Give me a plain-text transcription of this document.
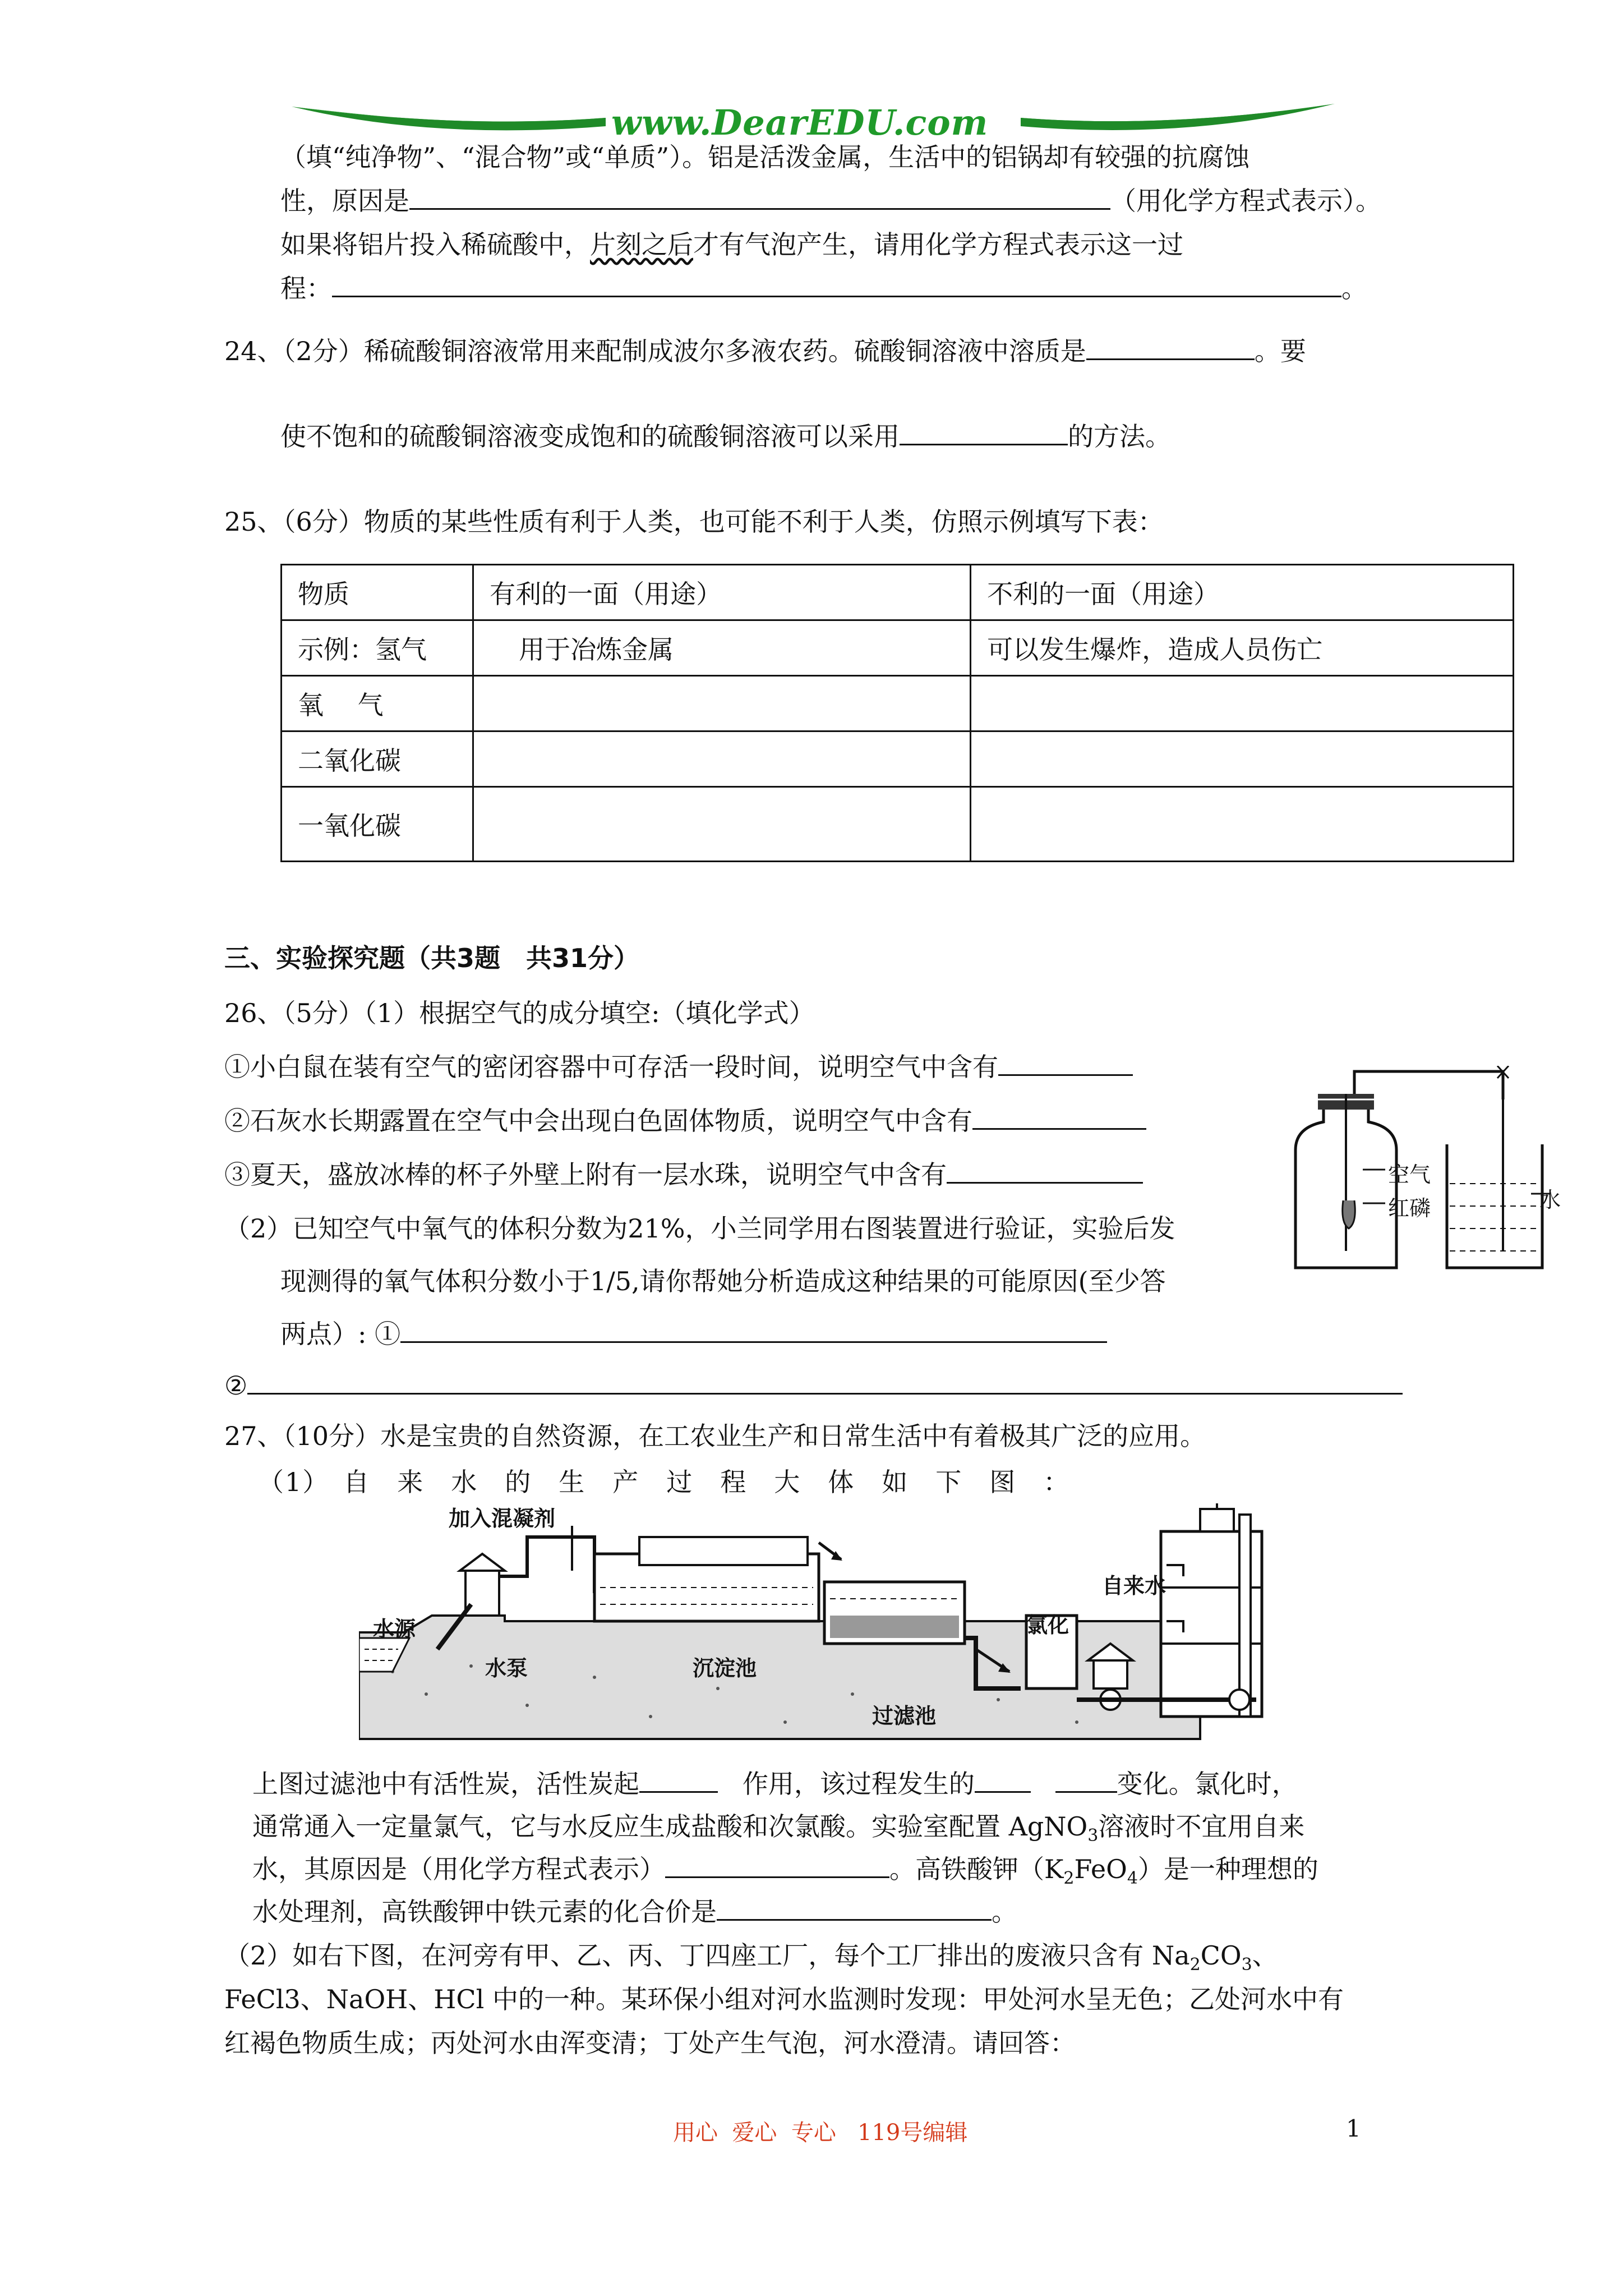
www.DearEDU.com
（填“纯净物”、“混合物”或“单质”）。铝是活泼金属，生活中的铝锅却有较强的抗腐蚀
性，原因是	（用化学方程式表示）。
如果将铝片投入稀硫酸中，片刻之后才有气泡产生，请用化学方程式表示这一过
程：	。
24、（2分）稀硫酸铜溶液常用来配制成波尔多液农药。硫酸铜溶液中溶质是	。要
使不饱和的硫酸铜溶液变成饱和的硫酸铜溶液可以采用	的方法。
25、（6分）物质的某些性质有利于人类，也可能不利于人类，仿照示例填写下表：
物质	有利的一面（用途）	不利的一面（用途）
示例：氢气	用于冶炼金属	可以发生爆炸，造成人员伤亡
氧　 气		
二氧化碳		
一氧化碳		
三、实验探究题（共3题　共31分）
26、（5分）（1）根据空气的成分填空:（填化学式）
①小白鼠在装有空气的密闭容器中可存活一段时间，说明空气中含有
②石灰水长期露置在空气中会出现白色固体物质，说明空气中含有
③夏天，盛放冰棒的杯子外壁上附有一层水珠，说明空气中含有
（2）已知空气中氧气的体积分数为21%，小兰同学用右图装置进行验证，实验后发
现测得的氧气体积分数小于1/5,请你帮她分析造成这种结果的可能原因(至少答
两点）: ①
②
空气
红磷	水
27、（10分）水是宝贵的自然资源，在工农业生产和日常生活中有着极其广泛的应用。
（1）　自　来　水　的　生　产　过　程　大　体　如　下　图　：
加入混凝剂
水源
水泵	沉淀池
过滤池
氯化
自来水
上图过滤池中有活性炭，活性炭起	作用，该过程发生的	变化。氯化时，
通常通入一定量氯气，它与水反应生成盐酸和次氯酸。实验室配置 AgNO$_3$溶液时不宜用自来
水，其原因是（用化学方程式表示）	。高铁酸钾$(K_2FeO_4)$是一种理想的
水处理剂，高铁酸钾中铁元素的化合价是	。
（2）如右下图，在河旁有甲、乙、丙、丁四座工厂，每个工厂排出的废液只含有 $Na_2CO_3$、
FeCl3、NaOH、HCl 中的一种。某环保小组对河水监测时发现：甲处河水呈无色；乙处河水中有
红褐色物质生成；丙处河水由浑变清；丁处产生气泡，河水澄清。请回答：
用心  爱心  专心   119号编辑	1
